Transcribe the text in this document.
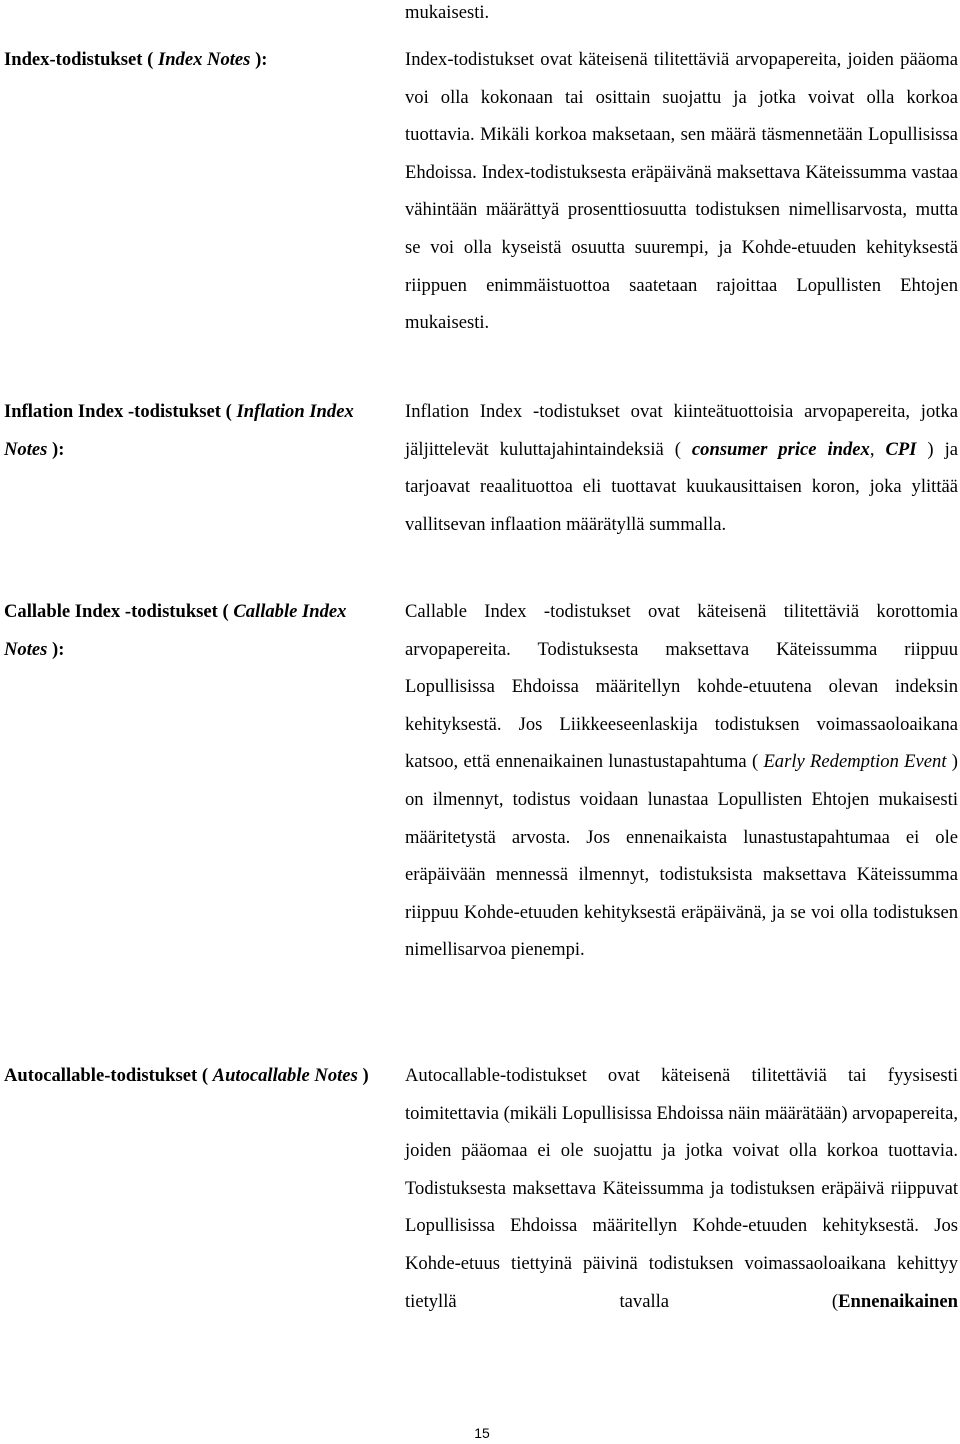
mukaisesti.

Index-todistukset ( Index Notes ):	Index-todistukset ovat käteisenä tilitettäviä arvopapereita, joiden pääoma voi olla kokonaan tai osittain suojattu ja jotka voivat olla korkoa tuottavia. Mikäli korkoa maksetaan, sen määrä täsmennetään Lopullisissa Ehdoissa. Index-todistuksesta eräpäivänä maksettava Käteissumma vastaa vähintään määrättyä prosenttiosuutta todistuksen nimellisarvosta, mutta se voi olla kyseistä osuutta suurempi, ja Kohde-etuuden kehityksestä riippuen enimmäistuottoa saatetaan rajoittaa Lopullisten Ehtojen mukaisesti.

Inflation Index -todistukset ( Inflation Index Notes ):

Inflation Index -todistukset ovat kiinteätuottoisia arvopapereita, jotka jäljittelevät kuluttajahintaindeksiä ( consumer price index, CPI ) ja tarjoavat reaalituottoa eli tuottavat kuukausittaisen koron, joka ylittää vallitsevan inflaation määrätyllä summalla.

Callable Index -todistukset ( Callable Index Notes ):

Callable Index -todistukset ovat käteisenä tilitettäviä korottomia arvopapereita. Todistuksesta maksettava Käteissumma riippuu Lopullisissa Ehdoissa määritellyn kohde-etuutena olevan indeksin kehityksestä. Jos Liikkeeseenlaskija todistuksen voimassaoloaikana katsoo, että ennenaikainen lunastustapahtuma ( Early Redemption Event ) on ilmennyt, todistus voidaan lunastaa Lopullisten Ehtojen mukaisesti määritetystä arvosta. Jos ennenaikaista lunastustapahtumaa ei ole eräpäivään mennessä ilmennyt, todistuksista maksettava Käteissumma riippuu Kohde-etuuden kehityksestä eräpäivänä, ja se voi olla todistuksen nimellisarvoa pienempi.

Autocallable-todistukset ( Autocallable Notes )	Autocallable-todistukset ovat käteisenä tilitettäviä tai fyysisesti toimitettavia (mikäli Lopullisissa Ehdoissa näin määrätään) arvopapereita, joiden pääomaa ei ole suojattu ja jotka voivat olla korkoa tuottavia. Todistuksesta maksettava Käteissumma ja todistuksen eräpäivä riippuvat Lopullisissa Ehdoissa määritellyn Kohde-etuuden kehityksestä. Jos Kohde-etuus tiettyinä päivinä todistuksen voimassaoloaikana kehittyy tietyllä tavalla (Ennenaikainen

15
